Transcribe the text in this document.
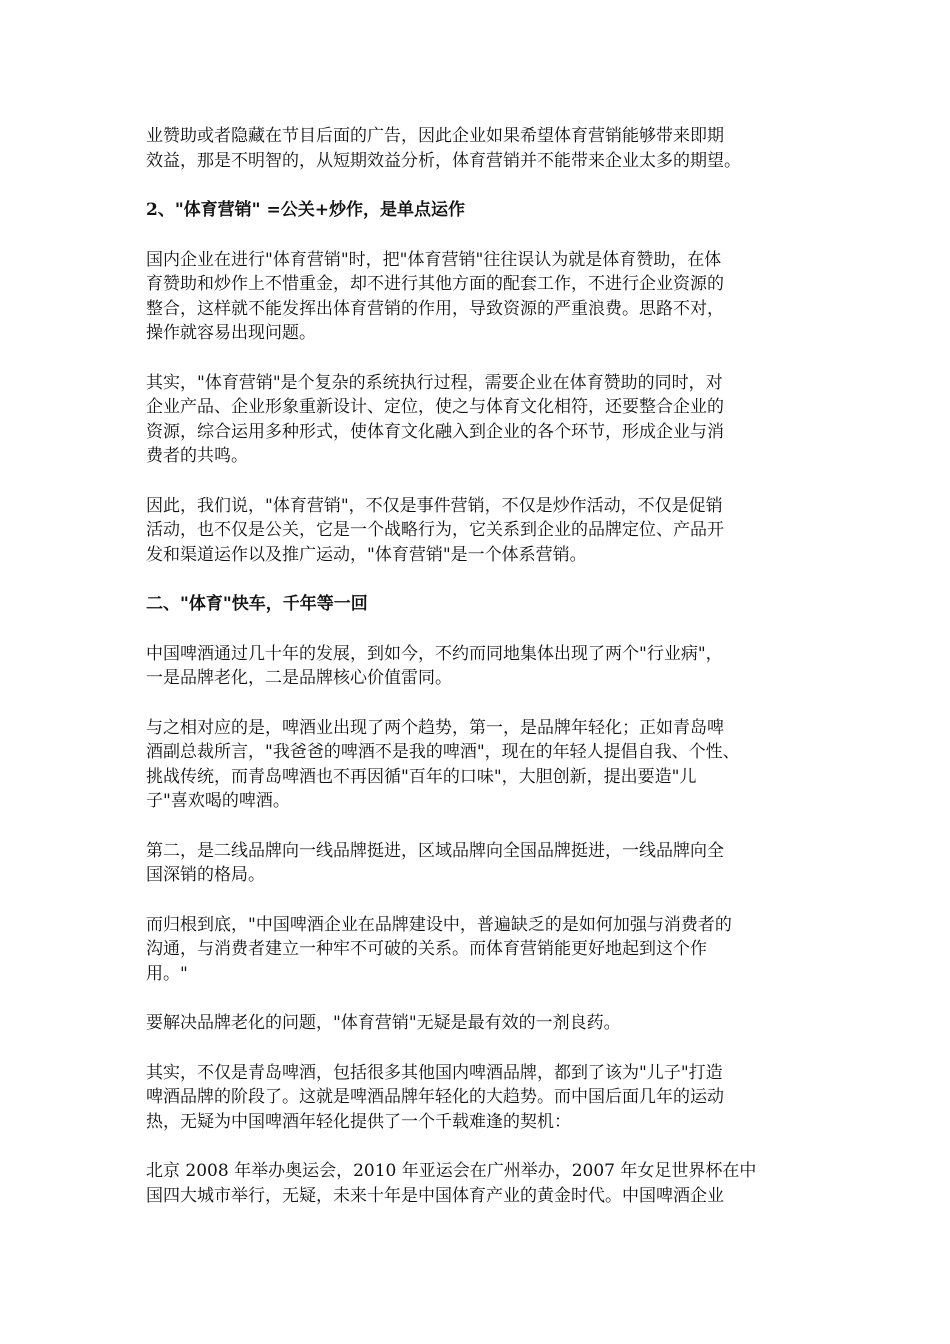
业赞助或者隐藏在节目后面的广告，因此企业如果希望体育营销能够带来即期
效益，那是不明智的，从短期效益分析，体育营销并不能带来企业太多的期望。

2、"体育营销" =公关+炒作，是单点运作

国内企业在进行"体育营销"时，把"体育营销"往往误认为就是体育赞助，在体
育赞助和炒作上不惜重金，却不进行其他方面的配套工作，不进行企业资源的
整合，这样就不能发挥出体育营销的作用，导致资源的严重浪费。思路不对，
操作就容易出现问题。

其实，"体育营销"是个复杂的系统执行过程，需要企业在体育赞助的同时，对
企业产品、企业形象重新设计、定位，使之与体育文化相符，还要整合企业的
资源，综合运用多种形式，使体育文化融入到企业的各个环节，形成企业与消
费者的共鸣。

因此，我们说，"体育营销"，不仅是事件营销，不仅是炒作活动，不仅是促销
活动，也不仅是公关，它是一个战略行为，它关系到企业的品牌定位、产品开
发和渠道运作以及推广运动，"体育营销"是一个体系营销。

二、"体育"快车，千年等一回

中国啤酒通过几十年的发展，到如今，不约而同地集体出现了两个"行业病"，
一是品牌老化，二是品牌核心价值雷同。

与之相对应的是，啤酒业出现了两个趋势，第一，是品牌年轻化；正如青岛啤
酒副总裁所言，"我爸爸的啤酒不是我的啤酒"，现在的年轻人提倡自我、个性、
挑战传统，而青岛啤酒也不再因循"百年的口味"，大胆创新，提出要造"儿
子"喜欢喝的啤酒。

第二，是二线品牌向一线品牌挺进，区域品牌向全国品牌挺进，一线品牌向全
国深销的格局。

而归根到底，"中国啤酒企业在品牌建设中，普遍缺乏的是如何加强与消费者的
沟通，与消费者建立一种牢不可破的关系。而体育营销能更好地起到这个作
用。"

要解决品牌老化的问题，"体育营销"无疑是最有效的一剂良药。

其实，不仅是青岛啤酒，包括很多其他国内啤酒品牌，都到了该为"儿子"打造
啤酒品牌的阶段了。这就是啤酒品牌年轻化的大趋势。而中国后面几年的运动
热，无疑为中国啤酒年轻化提供了一个千载难逢的契机：

北京 2008 年举办奥运会，2010 年亚运会在广州举办，2007 年女足世界杯在中
国四大城市举行，无疑，未来十年是中国体育产业的黄金时代。中国啤酒企业
